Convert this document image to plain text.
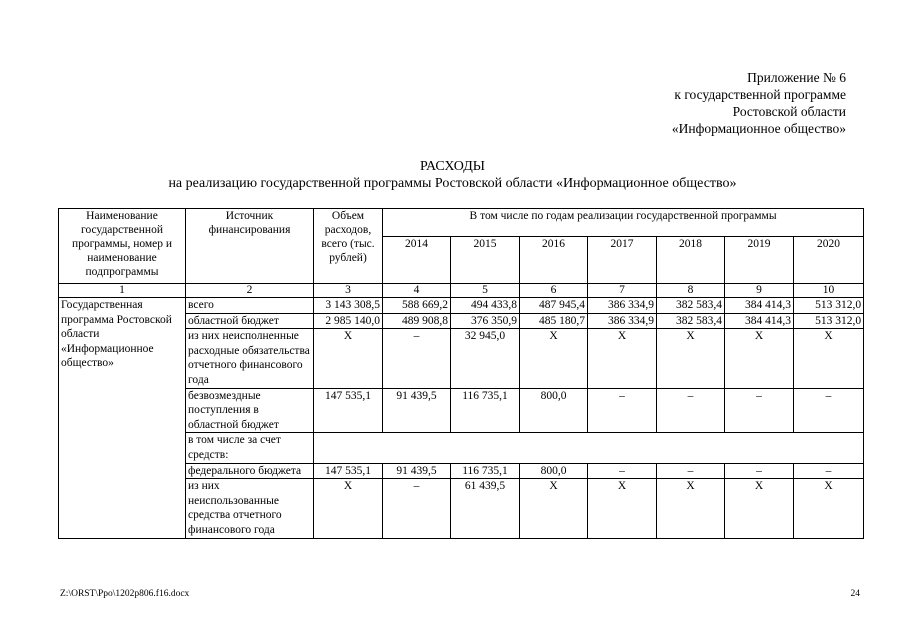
Приложение № 6
к государственной программе
Ростовской области
«Информационное общество»
РАСХОДЫ
на реализацию государственной программы Ростовской области «Информационное общество»
Наименование государственной программы, номер и наименование подпрограммы	Источник финансирования	Объем расходов, всего (тыс. рублей)	В том числе по годам реализации государственной программы						
			2014	2015	2016	2017	2018	2019	2020
1	2	3	4	5	6	7	8	9	10
Государственная программа Ростовской области «Информационное общество»	всего	3 143 308,5	588 669,2	494 433,8	487 945,4	386 334,9	382 583,4	384 414,3	513 312,0
	областной бюджет	2 985 140,0	489 908,8	376 350,9	485 180,7	386 334,9	382 583,4	384 414,3	513 312,0
	из них неисполненные расходные обязательства отчетного финансового года	X	–	32 945,0	X	X	X	X	X
	безвозмездные поступления в областной бюджет	147 535,1	91 439,5	116 735,1	800,0	–	–	–	–
	в том числе за счет средств:								
	федерального бюджета	147 535,1	91 439,5	116 735,1	800,0	–	–	–	–
	из них неиспользованные средства отчетного финансового года	X	–	61 439,5	X	X	X	X	X
Z:\ORST\Ppo\1202p806.f16.docx	24
